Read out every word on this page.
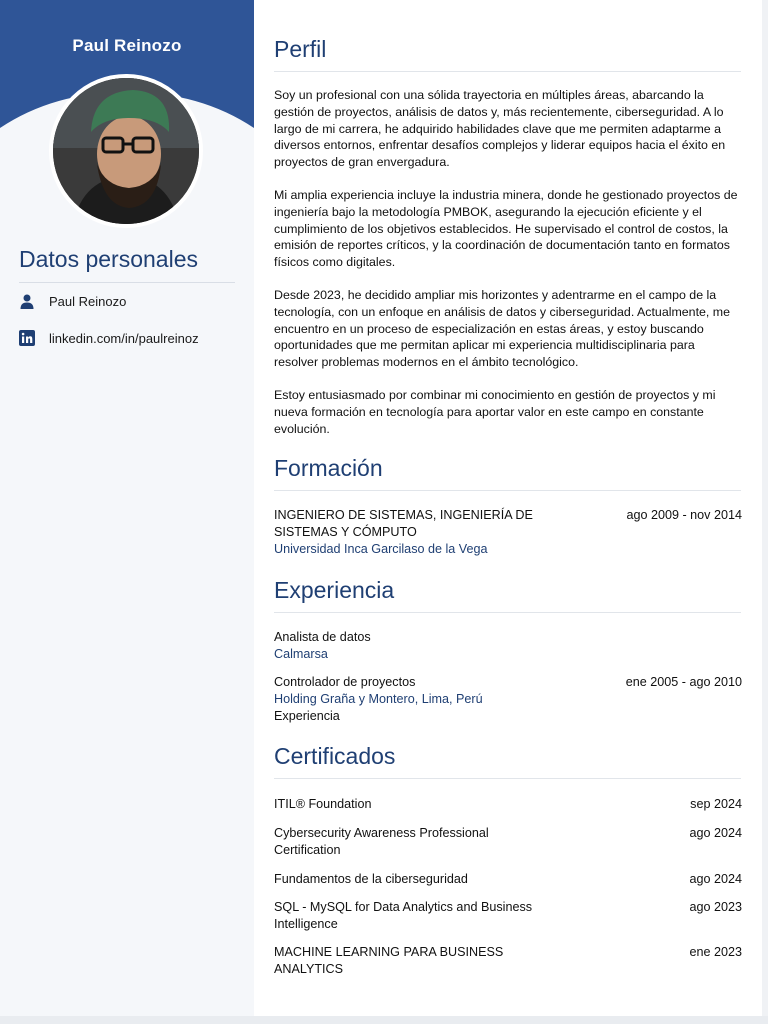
Paul Reinozo
Datos personales
Paul Reinozo
linkedin.com/in/paulreinoz
Perfil

Soy un profesional con una sólida trayectoria en múltiples áreas, abarcando la gestión de proyectos, análisis de datos y, más recientemente, ciberseguridad. A lo largo de mi carrera, he adquirido habilidades clave que me permiten adaptarme a diversos entornos, enfrentar desafíos complejos y liderar equipos hacia el éxito en proyectos de gran envergadura.

Mi amplia experiencia incluye la industria minera, donde he gestionado proyectos de ingeniería bajo la metodología PMBOK, asegurando la ejecución eficiente y el cumplimiento de los objetivos establecidos. He supervisado el control de costos, la emisión de reportes críticos, y la coordinación de documentación tanto en formatos físicos como digitales.

Desde 2023, he decidido ampliar mis horizontes y adentrarme en el campo de la tecnología, con un enfoque en análisis de datos y ciberseguridad. Actualmente, me encuentro en un proceso de especialización en estas áreas, y estoy buscando oportunidades que me permitan aplicar mi experiencia multidisciplinaria para resolver problemas modernos en el ámbito tecnológico.

Estoy entusiasmado por combinar mi conocimiento en gestión de proyectos y mi nueva formación en tecnología para aportar valor en este campo en constante evolución.

Formación
INGENIERO DE SISTEMAS, INGENIERÍA DE SISTEMAS Y CÓMPUTO
ago 2009 - nov 2014
Universidad Inca Garcilaso de la Vega
Experiencia
Analista de datos
Calmarsa
Controlador de proyectos	ene 2005 - ago 2010
Holding Graña y Montero, Lima, Perú
Experiencia
Certificados
ITIL® Foundation	sep 2024
Cybersecurity Awareness Professional Certification
ago 2024
Fundamentos de la ciberseguridad	ago 2024
SQL - MySQL for Data Analytics and Business Intelligence
ago 2023
MACHINE LEARNING PARA BUSINESS ANALYTICS
ene 2023
